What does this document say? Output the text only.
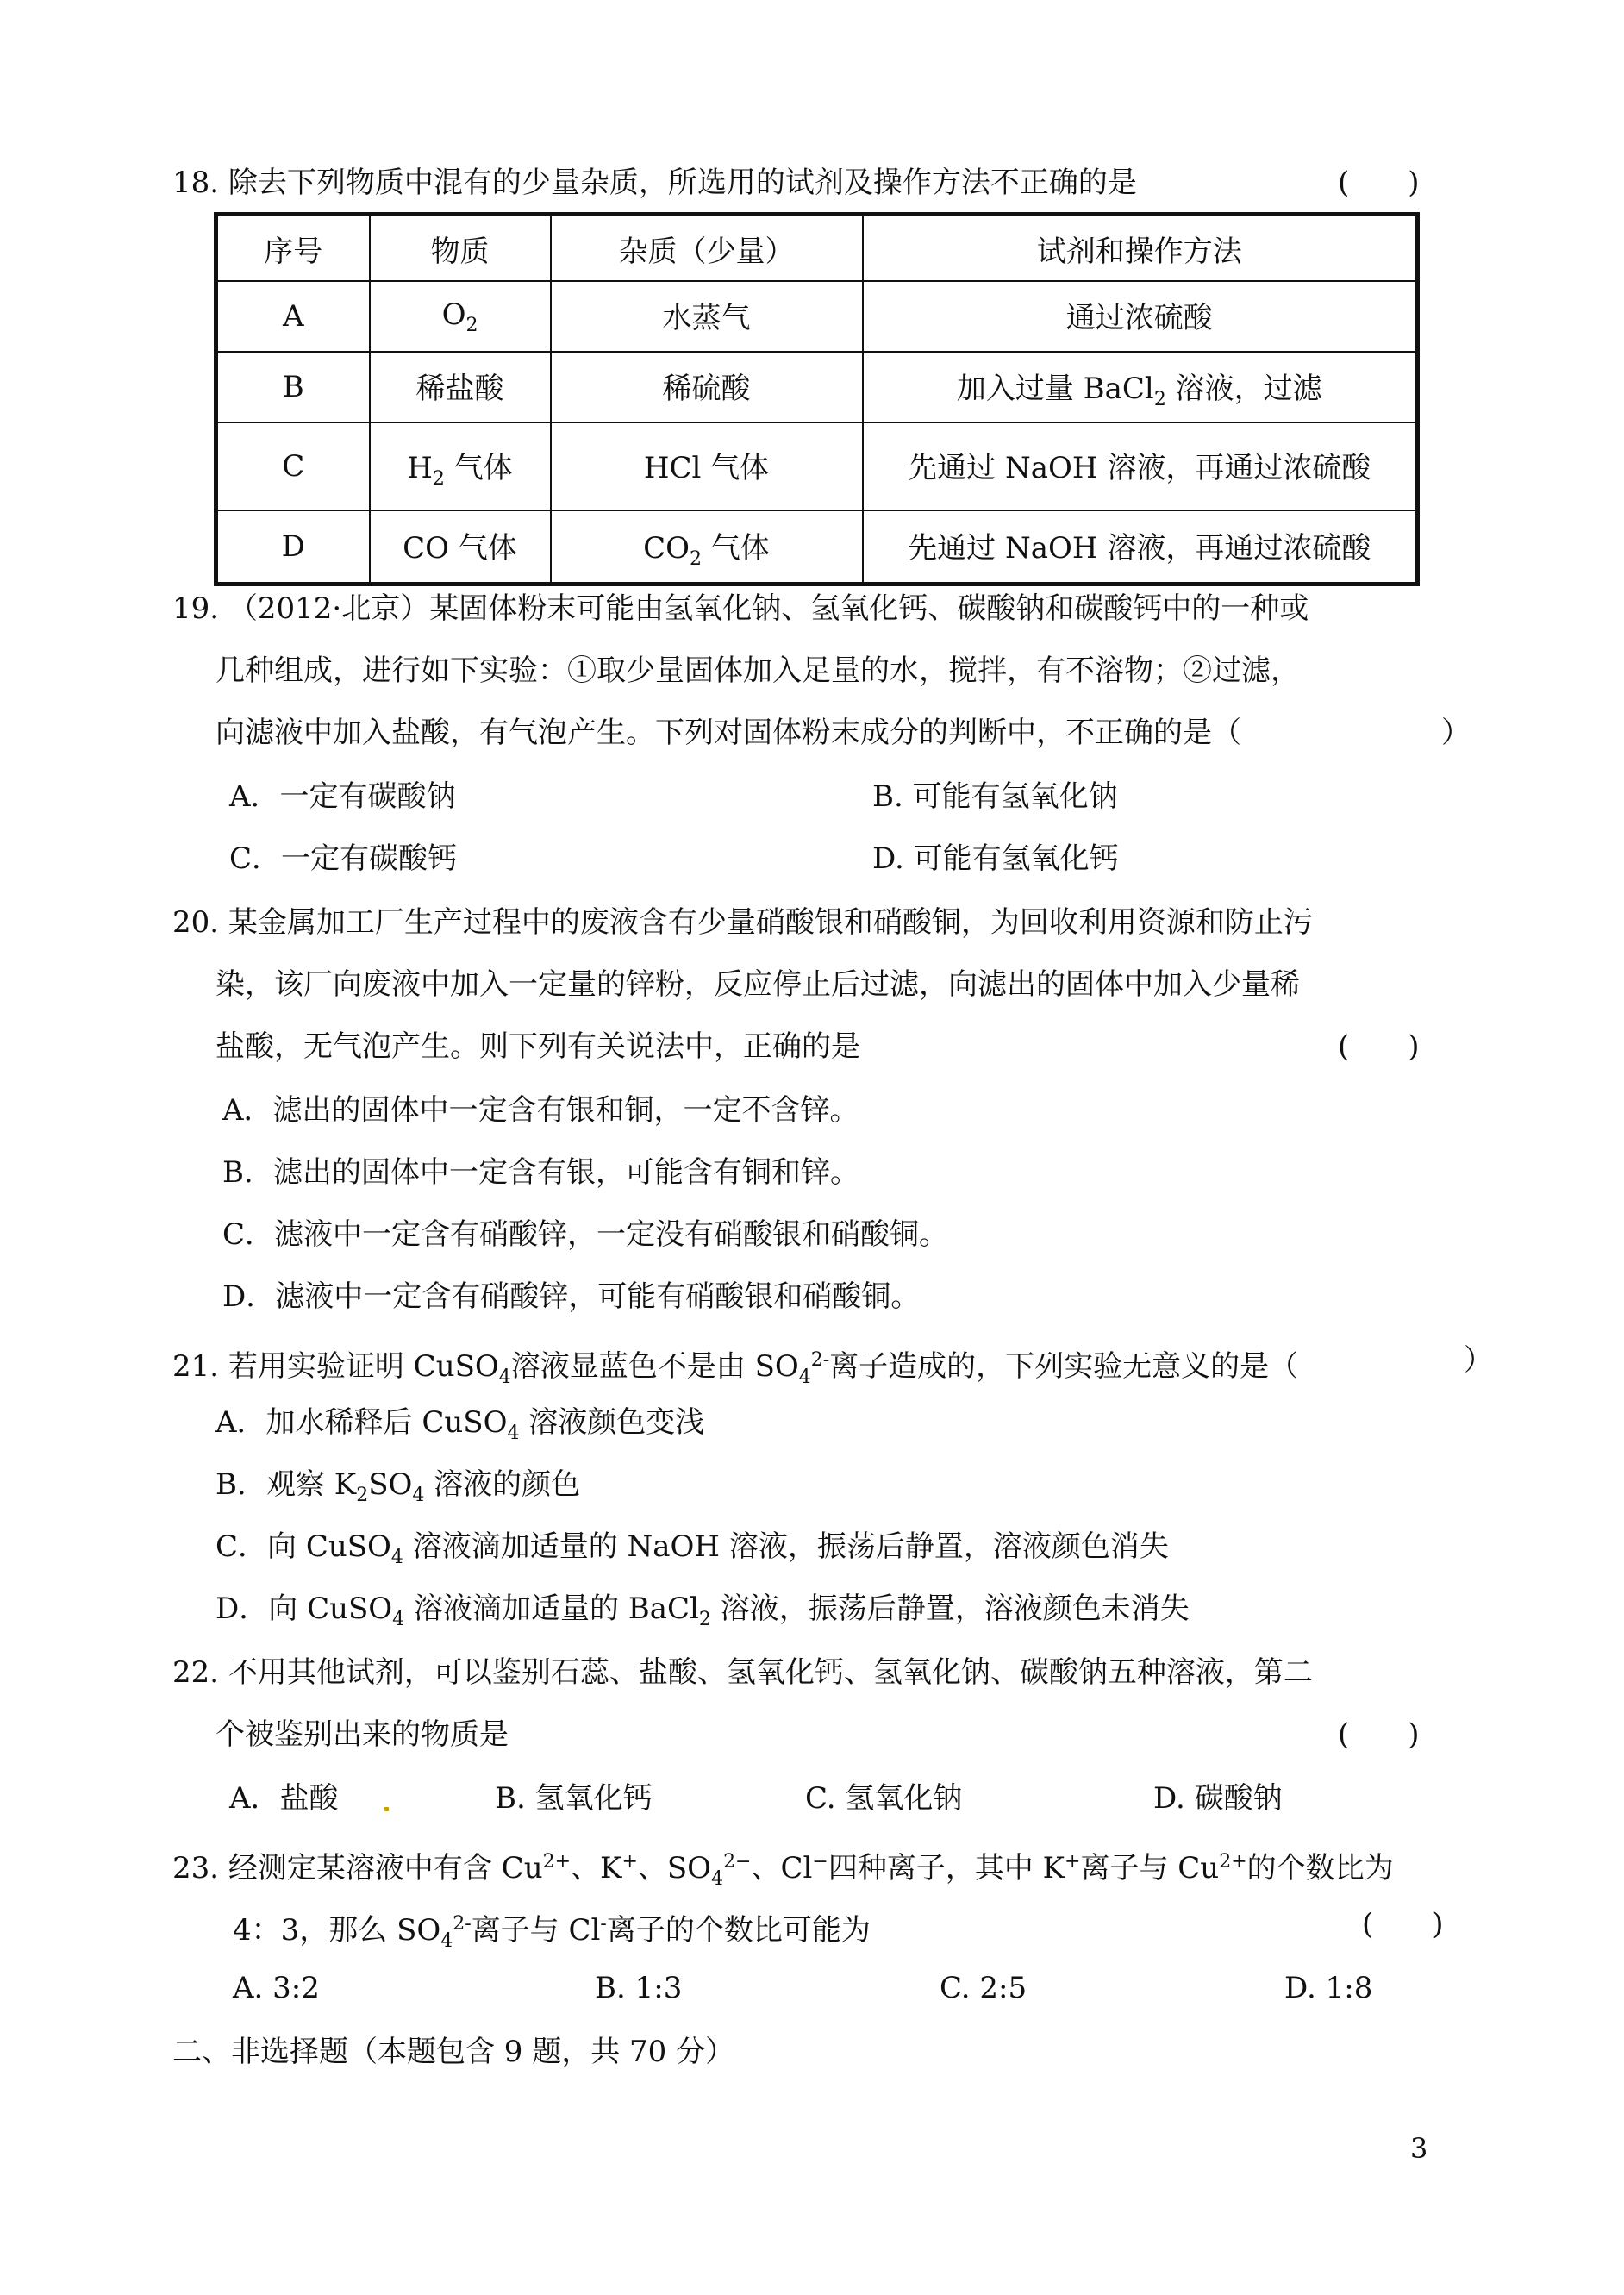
18. 除去下列物质中混有的少量杂质，所选用的试剂及操作方法不正确的是	(　　)
序号	物质	杂质（少量）	试剂和操作方法
A	$O_2$	水蒸气	通过浓硫酸
B	稀盐酸	稀硫酸	加入过量 BaCl$_2$ 溶液，过滤
C	$H_2$ 气体	HCl 气体	先通过 NaOH 溶液，再通过浓硫酸
D	CO 气体	$CO_2$ 气体	先通过 NaOH 溶液，再通过浓硫酸
19. （2012·北京）某固体粉末可能由氢氧化钠、氢氧化钙、碳酸钠和碳酸钙中的一种或
几种组成，进行如下实验：①取少量固体加入足量的水，搅拌，有不溶物；②过滤，
向滤液中加入盐酸，有气泡产生。下列对固体粉末成分的判断中，不正确的是（	）
A．一定有碳酸钠	B. 可能有氢氧化钠
C．一定有碳酸钙	D. 可能有氢氧化钙
20. 某金属加工厂生产过程中的废液含有少量硝酸银和硝酸铜，为回收利用资源和防止污
染，该厂向废液中加入一定量的锌粉，反应停止后过滤，向滤出的固体中加入少量稀
盐酸，无气泡产生。则下列有关说法中，正确的是	(　　)
A．滤出的固体中一定含有银和铜，一定不含锌。
B．滤出的固体中一定含有银，可能含有铜和锌。
C．滤液中一定含有硝酸锌，一定没有硝酸银和硝酸铜。
D．滤液中一定含有硝酸锌，可能有硝酸银和硝酸铜。
21. 若用实验证明 CuSO$_4$溶液显蓝色不是由 $SO_4^{2-}$离子造成的，下列实验无意义的是（	）
A．加水稀释后 CuSO$_4$ 溶液颜色变浅
B．观察 $K_2SO_4$ 溶液的颜色
C．向 CuSO$_4$ 溶液滴加适量的 NaOH 溶液，振荡后静置，溶液颜色消失
D．向 CuSO$_4$ 溶液滴加适量的 BaCl$_2$ 溶液，振荡后静置，溶液颜色未消失
22. 不用其他试剂，可以鉴别石蕊、盐酸、氢氧化钙、氢氧化钠、碳酸钠五种溶液，第二
个被鉴别出来的物质是	(　　)
A．盐酸	B. 氢氧化钙	C. 氢氧化钠	D. 碳酸钠
23. 经测定某溶液中有含 $Cu^{2+}$、K+、$SO_4^{2-}$、Cl−四种离子，其中 K+离子与 $Cu^{2+}$的个数比为
4：3，那么 $SO_4^{2-}$离子与 Cl-离子的个数比可能为	(　　)
A. 3:2	B. 1:3	C. 2:5	D. 1:8
二、非选择题（本题包含 9 题，共 70 分）
3
